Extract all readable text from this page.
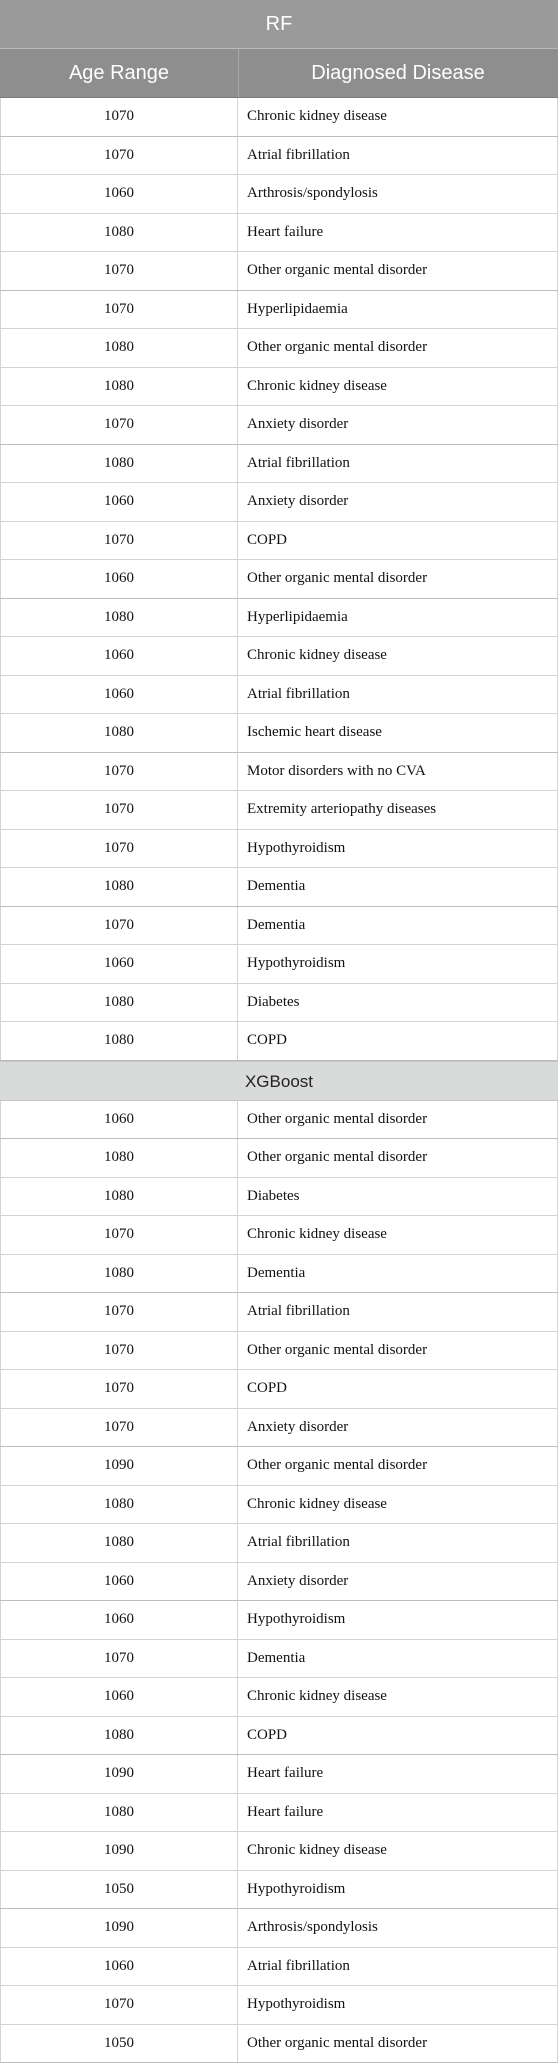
RF
Age Range	Diagnosed Disease
1070	Chronic kidney disease
1070	Atrial fibrillation
1060	Arthrosis/spondylosis
1080	Heart failure
1070	Other organic mental disorder
1070	Hyperlipidaemia
1080	Other organic mental disorder
1080	Chronic kidney disease
1070	Anxiety disorder
1080	Atrial fibrillation
1060	Anxiety disorder
1070	COPD
1060	Other organic mental disorder
1080	Hyperlipidaemia
1060	Chronic kidney disease
1060	Atrial fibrillation
1080	Ischemic heart disease
1070	Motor disorders with no CVA
1070	Extremity arteriopathy diseases
1070	Hypothyroidism
1080	Dementia
1070	Dementia
1060	Hypothyroidism
1080	Diabetes
1080	COPD
XGBoost
1060	Other organic mental disorder
1080	Other organic mental disorder
1080	Diabetes
1070	Chronic kidney disease
1080	Dementia
1070	Atrial fibrillation
1070	Other organic mental disorder
1070	COPD
1070	Anxiety disorder
1090	Other organic mental disorder
1080	Chronic kidney disease
1080	Atrial fibrillation
1060	Anxiety disorder
1060	Hypothyroidism
1070	Dementia
1060	Chronic kidney disease
1080	COPD
1090	Heart failure
1080	Heart failure
1090	Chronic kidney disease
1050	Hypothyroidism
1090	Arthrosis/spondylosis
1060	Atrial fibrillation
1070	Hypothyroidism
1050	Other organic mental disorder
